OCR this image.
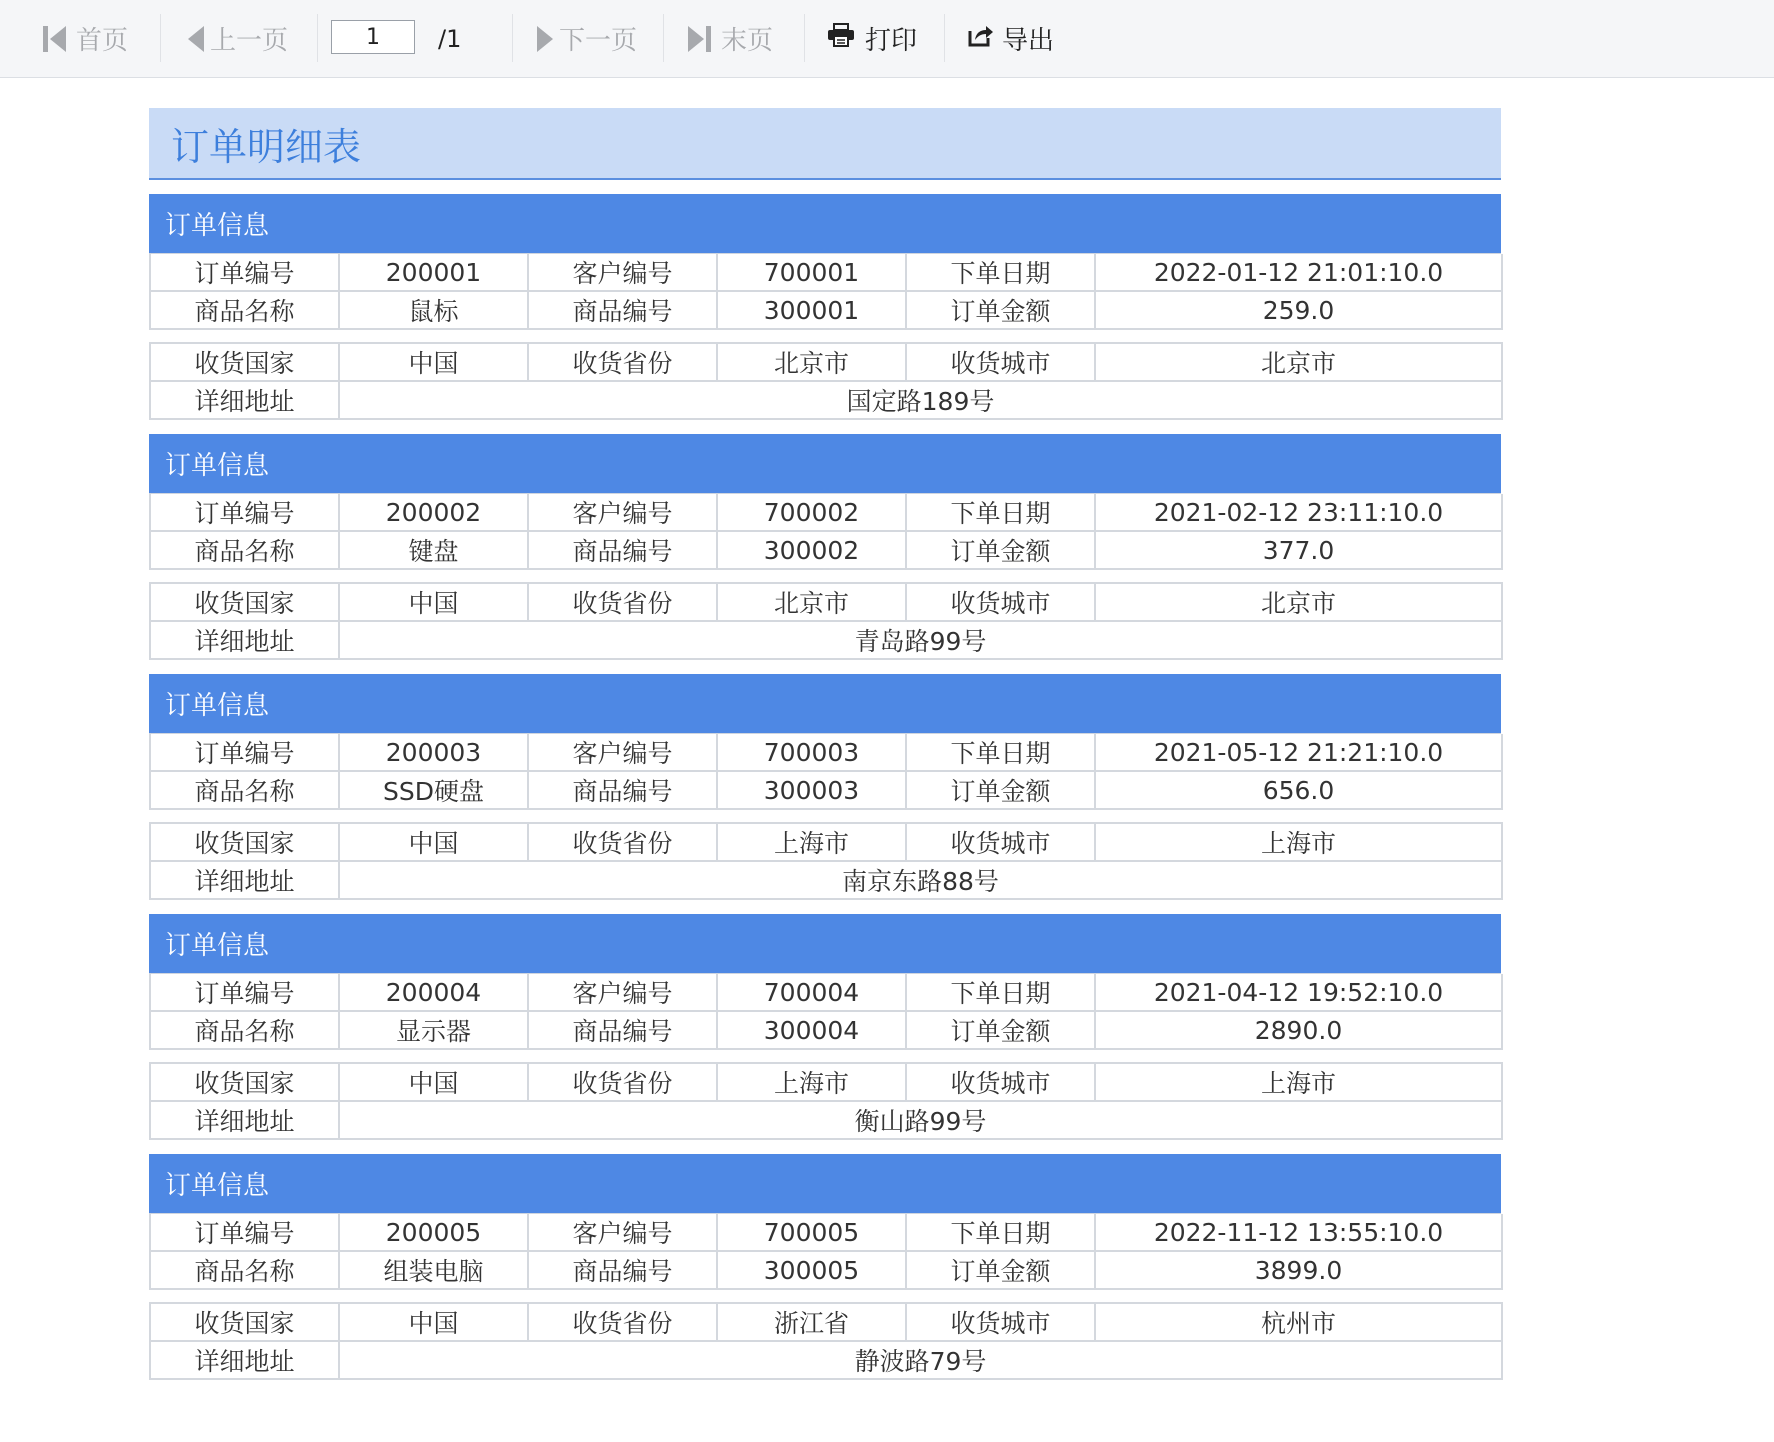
首页	上一页
1	/1	下一页	末页	打印	导出
订单明细表
订单信息
订单编号	200001	客户编号	700001	下单日期	2022-01-12 21:01:10.0
商品名称	鼠标	商品编号	300001	订单金额	259.0
收货国家	中国	收货省份	北京市	收货城市	北京市
详细地址	国定路189号				
订单信息
订单编号	200002	客户编号	700002	下单日期	2021-02-12 23:11:10.0
商品名称	键盘	商品编号	300002	订单金额	377.0
收货国家	中国	收货省份	北京市	收货城市	北京市
详细地址	青岛路99号				
订单信息
订单编号	200003	客户编号	700003	下单日期	2021-05-12 21:21:10.0
商品名称	SSD硬盘	商品编号	300003	订单金额	656.0
收货国家	中国	收货省份	上海市	收货城市	上海市
详细地址	南京东路88号				
订单信息
订单编号	200004	客户编号	700004	下单日期	2021-04-12 19:52:10.0
商品名称	显示器	商品编号	300004	订单金额	2890.0
收货国家	中国	收货省份	上海市	收货城市	上海市
详细地址	衡山路99号				
订单信息
订单编号	200005	客户编号	700005	下单日期	2022-11-12 13:55:10.0
商品名称	组装电脑	商品编号	300005	订单金额	3899.0
收货国家	中国	收货省份	浙江省	收货城市	杭州市
详细地址	静波路79号				
